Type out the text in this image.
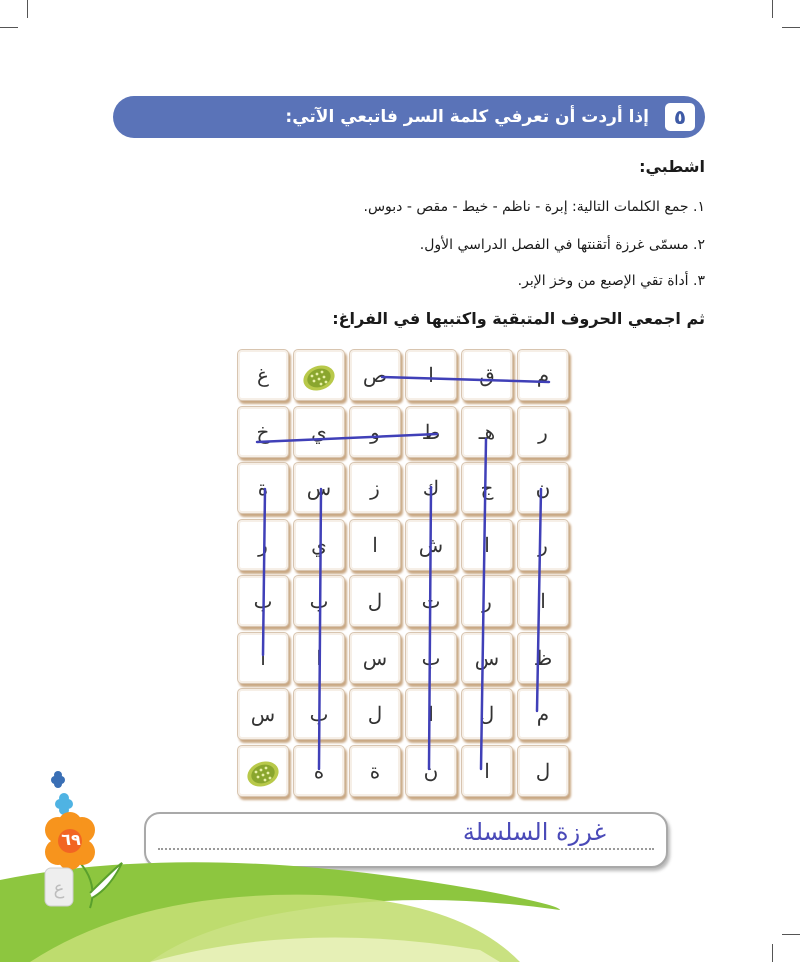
٥
إذا أردت أن تعرفي كلمة السر فاتبعي الآتي:
اشطبي:
١. جمع الكلمات التالية: إبرة - ناظم - خيط - مقص - دبوس.
٢. مسمّى غرزة أتقنتها في الفصل الدراسي الأول.
٣. أداة تقي الإصبع من وخز الإبر.
ثم اجمعي الحروف المتبقية واكتبيها في الفراغ:
م
ق
ا
ص
غ
ر
هـ
ط
و
ي
خ
ن
ج
ك
ز
س
ة
ر
ا
ش
ا
ي
ر
ا
ر
ت
ل
ب
ب
ظ
س
ب
س
ا
ا
م
ل
ا
ل
ب
س
ل
ا
ن
ة
ه
غرزة السلسلة
ع
٦٩
